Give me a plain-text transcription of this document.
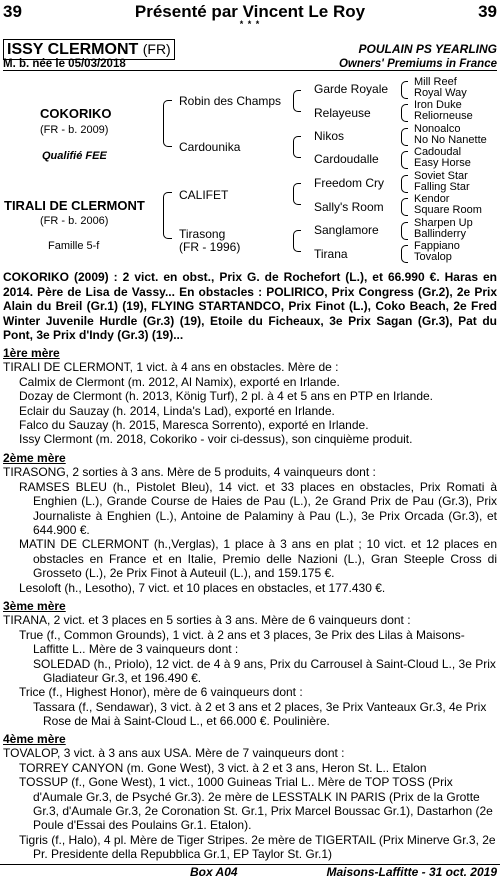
39	Présenté par Vincent Le Roy	39
* * *
ISSY CLERMONT (FR)	POULAIN PS YEARLING
M. b. née le 05/03/2018	Owners' Premiums in France
COKORIKO
(FR - b. 2009)
Qualifié FEE
TIRALI DE CLERMONT
(FR - b. 2006)
Famille 5-f
Robin des Champs
Cardounika
CALIFET
Tirasong
(FR - 1996)
Garde Royale
Relayeuse
Nikos
Cardoudalle
Freedom Cry
Sally's Room
Sanglamore
Tirana
Mill Reef
Royal Way
Iron Duke
Reliorneuse
Nonoalco
No No Nanette
Cadoudal
Easy Horse
Soviet Star
Falling Star
Kendor
Square Room
Sharpen Up
Ballinderry
Fappiano
Tovalop
COKORIKO (2009) : 2 vict. en obst., Prix G. de Rochefort (L.), et 66.990 €. Haras en 2014. Père de Lisa de Vassy... En obstacles : POLIRICO, Prix Congress (Gr.2), 2e Prix Alain du Breil (Gr.1) (19), FLYING STARTANDCO, Prix Finot (L.), Coko Beach, 2e Fred Winter Juvenile Hurdle (Gr.3) (19), Etoile du Ficheaux, 3e Prix Sagan (Gr.3), Pat du Pont, 3e Prix d'Indy (Gr.3) (19)...
1ère mère
TIRALI DE CLERMONT, 1 vict. à 4 ans en obstacles. Mère de :
Calmix de Clermont (m. 2012, Al Namix), exporté en Irlande.
Dozay de Clermont (h. 2013, König Turf), 2 pl. à 4 et 5 ans en PTP en Irlande.
Eclair du Sauzay (h. 2014, Linda's Lad), exporté en Irlande.
Falco du Sauzay (h. 2015, Maresca Sorrento), exporté en Irlande.
Issy Clermont (m. 2018, Cokoriko - voir ci-dessus), son cinquième produit.
2ème mère
TIRASONG, 2 sorties à 3 ans. Mère de 5 produits, 4 vainqueurs dont :
RAMSES BLEU (h., Pistolet Bleu), 14 vict. et 33 places en obstacles, Prix Romati à Enghien (L.), Grande Course de Haies de Pau (L.), 2e Grand Prix de Pau (Gr.3), Prix Journaliste à Enghien (L.), Antoine de Palaminy à Pau (L.), 3e Prix Orcada (Gr.3), et 644.900 €.
MATIN DE CLERMONT (h.,Verglas), 1 place à 3 ans en plat ; 10 vict. et 12 places en obstacles en France et en Italie, Premio delle Nazioni (L.), Gran Steeple Cross di Grosseto (L.), 2e Prix Finot à Auteuil (L.), and 159.175 €.
Lesoloft (h., Lesotho), 7 vict. et 10 places en obstacles, et 177.430 €.
3ème mère
TIRANA, 2 vict. et 3 places en 5 sorties à 3 ans. Mère de 6 vainqueurs dont :
True (f., Common Grounds), 1 vict. à 2 ans et 3 places, 3e Prix des Lilas à Maisons-Laffitte L.. Mère de 3 vainqueurs dont :
SOLEDAD (h., Priolo), 12 vict. de 4 à 9 ans, Prix du Carrousel à Saint-Cloud L., 3e Prix Gladiateur Gr.3, et 196.490 €.
Trice (f., Highest Honor), mère de 6 vainqueurs dont :
Tassara (f., Sendawar), 3 vict. à 2 et 3 ans et 2 places, 3e Prix Vanteaux Gr.3, 4e Prix Rose de Mai à Saint-Cloud L., et 66.000 €. Poulinière.
4ème mère
TOVALOP, 3 vict. à 3 ans aux USA. Mère de 7 vainqueurs dont :
TORREY CANYON (m. Gone West), 3 vict. à 2 et 3 ans, Heron St. L.. Etalon
TOSSUP (f., Gone West), 1 vict., 1000 Guineas Trial L.. Mère de TOP TOSS (Prix d'Aumale Gr.3, de Psyché Gr.3). 2e mère de LESSTALK IN PARIS (Prix de la Grotte Gr.3, d'Aumale Gr.3, 2e Coronation St. Gr.1, Prix Marcel Boussac Gr.1), Dastarhon (2e Poule d'Essai des Poulains Gr.1. Etalon).
Tigris (f., Halo), 4 pl. Mère de Tiger Stripes. 2e mère de TIGERTAIL (Prix Minerve Gr.3, 2e Pr. Presidente della Repubblica Gr.1, EP Taylor St. Gr.1)
Box A04	Maisons-Laffitte - 31 oct. 2019
